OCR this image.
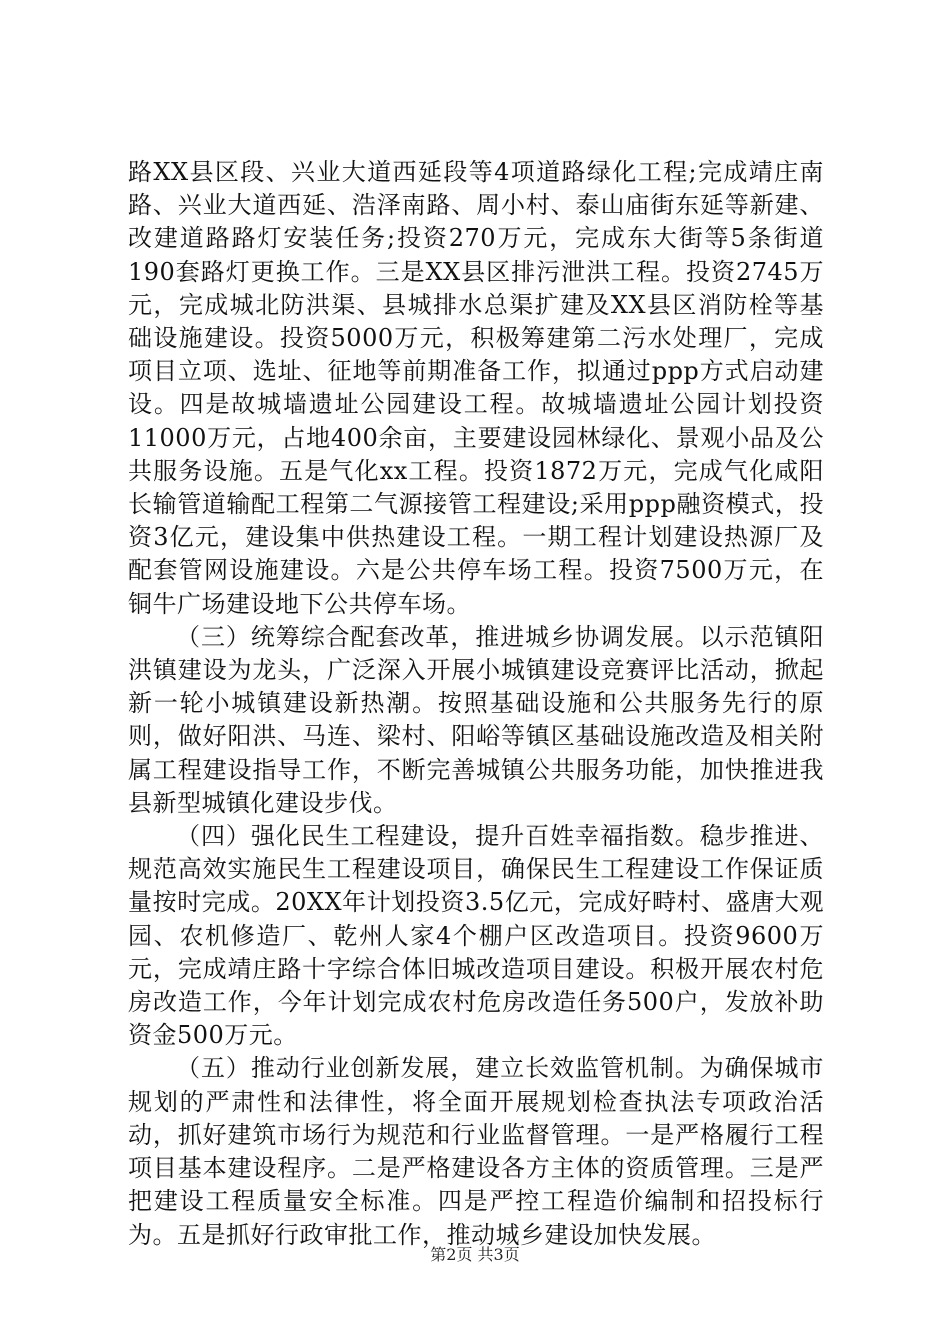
路XX县区段、兴业大道西延段等4项道路绿化工程;完成靖庄南路、兴业大道西延、浩泽南路、周小村、泰山庙街东延等新建、改建道路路灯安装任务;投资270万元，完成东大街等5条街道190套路灯更换工作。三是XX县区排污泄洪工程。投资2745万元，完成城北防洪渠、县城排水总渠扩建及XX县区消防栓等基础设施建设。投资5000万元，积极筹建第二污水处理厂，完成项目立项、选址、征地等前期准备工作，拟通过ppp方式启动建设。四是故城墙遗址公园建设工程。故城墙遗址公园计划投资11000万元，占地400余亩，主要建设园林绿化、景观小品及公共服务设施。五是气化xx工程。投资1872万元，完成气化咸阳长输管道输配工程第二气源接管工程建设;采用ppp融资模式，投资3亿元，建设集中供热建设工程。一期工程计划建设热源厂及配套管网设施建设。六是公共停车场工程。投资7500万元，在铜牛广场建设地下公共停车场。

（三）统筹综合配套改革，推进城乡协调发展。以示范镇阳洪镇建设为龙头，广泛深入开展小城镇建设竞赛评比活动，掀起新一轮小城镇建设新热潮。按照基础设施和公共服务先行的原则，做好阳洪、马连、梁村、阳峪等镇区基础设施改造及相关附属工程建设指导工作，不断完善城镇公共服务功能，加快推进我县新型城镇化建设步伐。

（四）强化民生工程建设，提升百姓幸福指数。稳步推进、规范高效实施民生工程建设项目，确保民生工程建设工作保证质量按时完成。20XX年计划投资3.5亿元，完成好畤村、盛唐大观园、农机修造厂、乾州人家4个棚户区改造项目。投资9600万元，完成靖庄路十字综合体旧城改造项目建设。积极开展农村危房改造工作，今年计划完成农村危房改造任务500户，发放补助资金500万元。

（五）推动行业创新发展，建立长效监管机制。为确保城市规划的严肃性和法律性，将全面开展规划检查执法专项政治活动，抓好建筑市场行为规范和行业监督管理。一是严格履行工程项目基本建设程序。二是严格建设各方主体的资质管理。三是严把建设工程质量安全标准。四是严控工程造价编制和招投标行为。五是抓好行政审批工作，推动城乡建设加快发展。

第2页 共3页
